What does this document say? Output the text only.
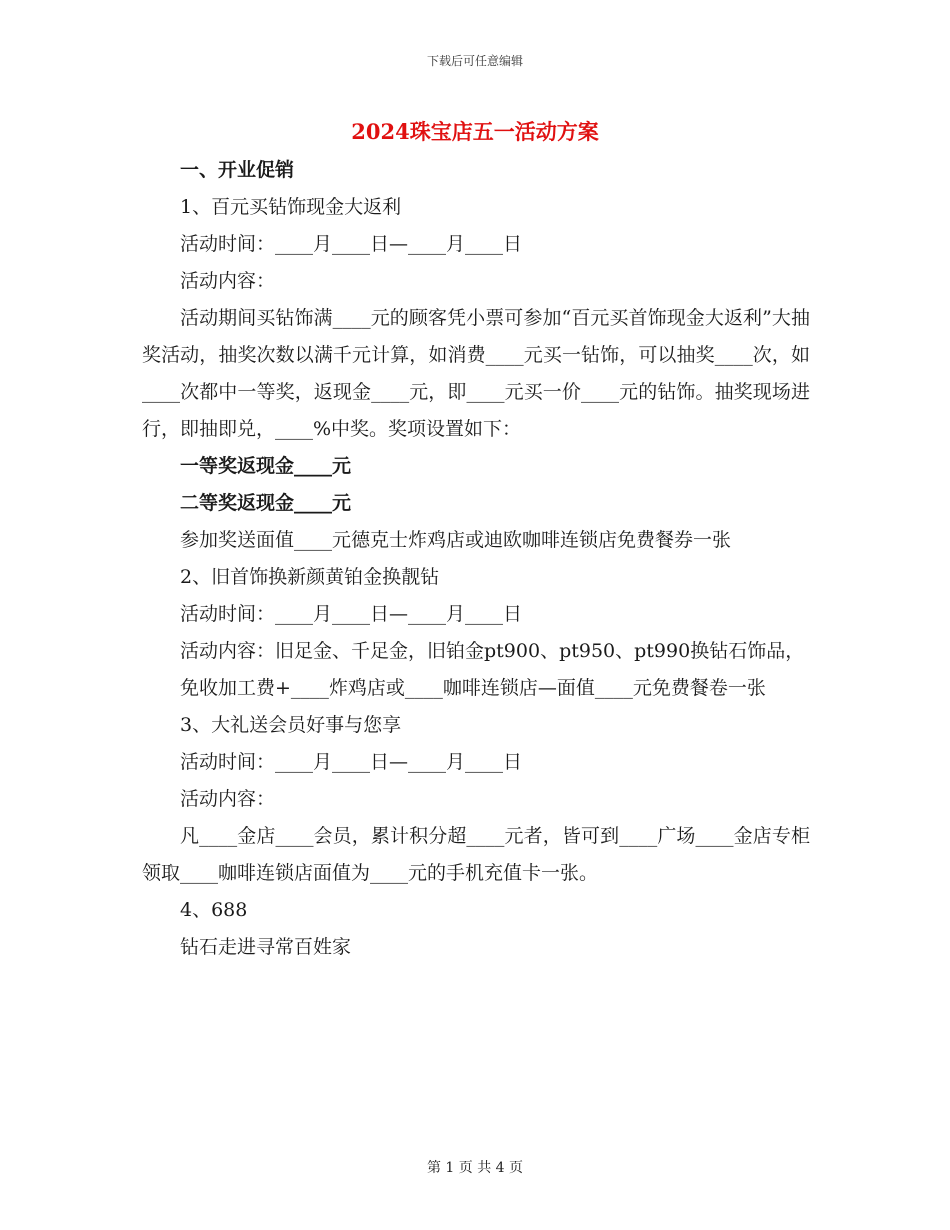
下载后可任意编辑
2024珠宝店五一活动方案

一、开业促销

1、百元买钻饰现金大返利

活动时间：____月____日—____月____日

活动内容：

活动期间买钻饰满____元的顾客凭小票可参加“百元买首饰现金大返利”大抽奖活动，抽奖次数以满千元计算，如消费____元买一钻饰，可以抽奖____次，如____次都中一等奖，返现金____元，即____元买一价____元的钻饰。抽奖现场进行，即抽即兑，____%中奖。奖项设置如下：

一等奖返现金____元

二等奖返现金____元

参加奖送面值____元德克士炸鸡店或迪欧咖啡连锁店免费餐券一张

2、旧首饰换新颜黄铂金换靓钻

活动时间：____月____日—____月____日

活动内容：旧足金、千足金，旧铂金pt900、pt950、pt990换钻石饰品，

免收加工费+____炸鸡店或____咖啡连锁店—面值____元免费餐卷一张

3、大礼送会员好事与您享

活动时间：____月____日—____月____日

活动内容：

凡____金店____会员，累计积分超____元者，皆可到____广场____金店专柜领取____咖啡连锁店面值为____元的手机充值卡一张。

4、688

钻石走进寻常百姓家

第 1 页 共 4 页
